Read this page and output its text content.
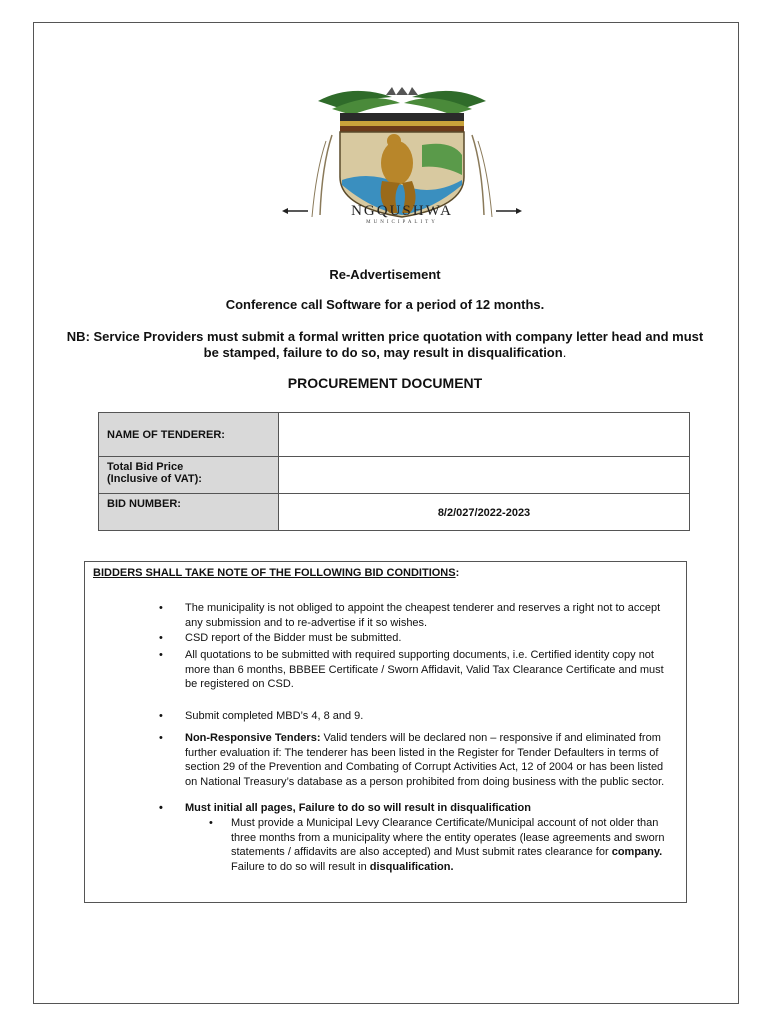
NGQUSHWA
MUNICIPALITY
Re-Advertisement
Conference call Software for a period of 12 months.
NB: Service Providers must submit a formal written price quotation with company letter head and must be stamped, failure to do so, may result in disqualification.
PROCUREMENT DOCUMENT
NAME OF TENDERER:	

Total Bid Price
(Inclusive of VAT):	

BID NUMBER:	8/2/027/2022-2023
BIDDERS SHALL TAKE NOTE OF THE FOLLOWING BID CONDITIONS:
• The municipality is not obliged to appoint the cheapest tenderer and reserves a right not to accept any submission and to re-advertise if it so wishes.
• CSD report of the Bidder must be submitted.
• All quotations to be submitted with required supporting documents, i.e. Certified identity copy not more than 6 months, BBBEE Certificate / Sworn Affidavit, Valid Tax Clearance Certificate and must be registered on CSD.
• Submit completed MBD’s 4, 8 and 9.
• Non-Responsive Tenders: Valid tenders will be declared non – responsive if and eliminated from further evaluation if: The tenderer has been listed in the Register for Tender Defaulters in terms of section 29 of the Prevention and Combating of Corrupt Activities Act, 12 of 2004 or has been listed on National Treasury’s database as a person prohibited from doing business with the public sector.
• Must initial all pages, Failure to do so will result in disqualification
• Must provide a Municipal Levy Clearance Certificate/Municipal account of not older than three months from a municipality where the entity operates (lease agreements and sworn statements / affidavits are also accepted) and Must submit rates clearance for company. Failure to do so will result in disqualification.
